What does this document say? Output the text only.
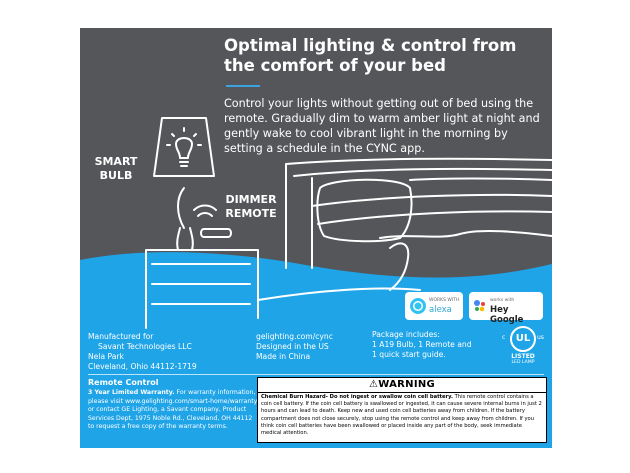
Optimal lighting & control from the comfort of your bed

Control your lights without getting out of bed using the remote. Gradually dim to warm amber light at night and gently wake to cool vibrant light in the morning by setting a schedule in the CYNC app.

SMART
BULB
DIMMER
REMOTE
WORKS WITH
alexa
works with
Hey Google
c	UL	us
LISTED
LED LAMP
Manufactured for
Savant Technologies LLC
Nela Park
Cleveland, Ohio 44112-1719
gelighting.com/cync
Designed in the US
Made in China
Package includes:
1 A19 Bulb, 1 Remote and
1 quick start guide.

Remote Control

3 Year Limited Warranty. For warranty information, please visit www.gelighting.com/smart-home/warranty or contact GE Lighting, a Savant company, Product Services Dept, 1975 Noble Rd., Cleveland, OH 44112 to request a free copy of the warranty terms.

⚠WARNING
Chemical Burn Hazard- Do not ingest or swallow coin cell battery. This remote control contains a coin cell battery. If the coin cell battery is swallowed or ingested, it can cause severe internal burns in just 2 hours and can lead to death. Keep new and used coin cell batteries away from children. If the battery compartment does not close securely, stop using the remote control and keep away from children. If you think coin cell batteries have been swallowed or placed inside any part of the body, seek immediate medical attention.
